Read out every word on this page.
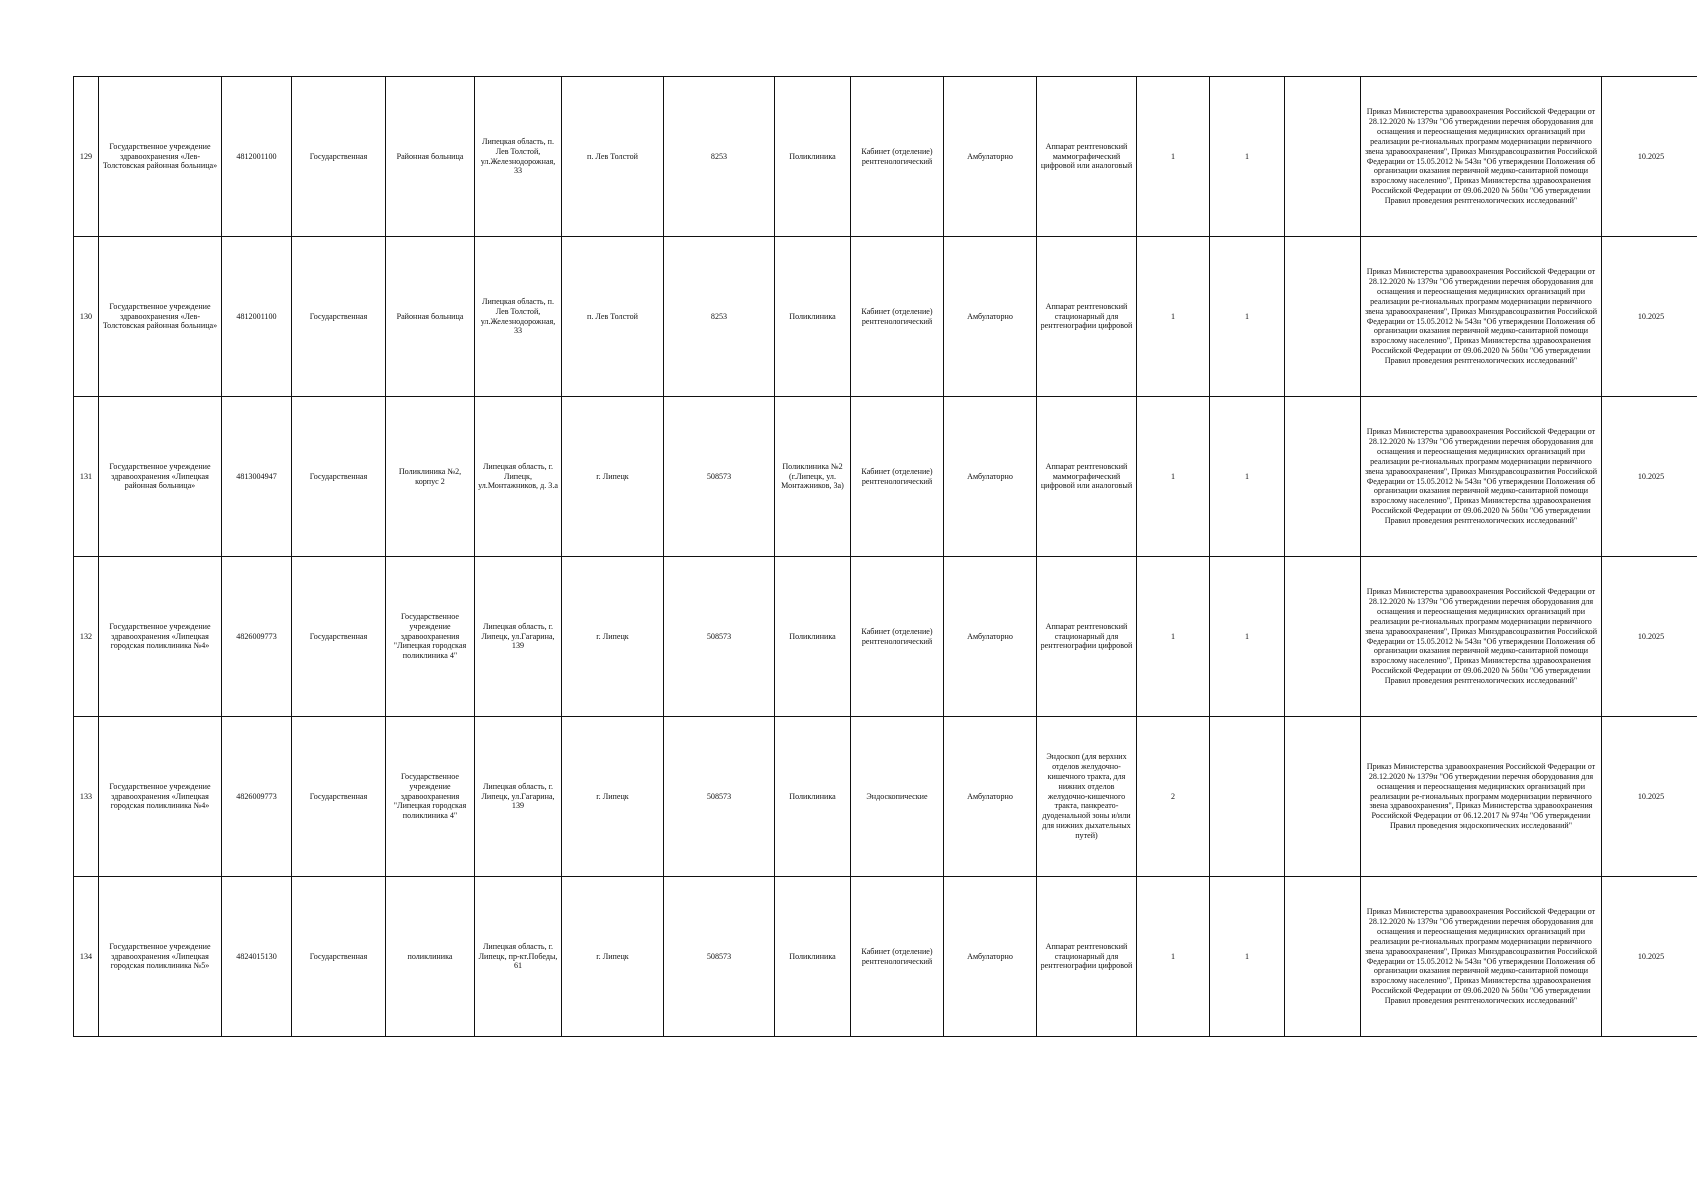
129	Государственное учреждение здравоохранения «Лев-Толстовская районная больница»	4812001100	Государственная	Районная больница	Липецкая область, п. Лев Толстой, ул.Железнодорожная, 33	п. Лев Толстой	8253	Поликлиника	Кабинет (отделение) рентгенологический	Амбулаторно	Аппарат рентгеновский маммографический цифровой или аналоговый	1	1		Приказ Министерства здравоохранения Российской Федерации от 28.12.2020 № 1379н "Об утверждении перечня оборудования для оснащения и переоснащения медицинских организаций при реализации ре-гиональных программ модернизации первичного звена здравоохранения", Приказ Минздравсоцразвития Российской Федерации от 15.05.2012 № 543н "Об утверждении Положения об организации оказания первичной медико-санитарной помощи взрослому населению", Приказ Министерства здравоохранения Российской Федерации от 09.06.2020 № 560н "Об утверждении Правил проведения рентгенологических исследований"	10.2025
130	Государственное учреждение здравоохранения «Лев-Толстовская районная больница»	4812001100	Государственная	Районная больница	Липецкая область, п. Лев Толстой, ул.Железнодорожная, 33	п. Лев Толстой	8253	Поликлиника	Кабинет (отделение) рентгенологический	Амбулаторно	Аппарат рентгеновский стационарный для рентгенографии цифровой	1	1		Приказ Министерства здравоохранения Российской Федерации от 28.12.2020 № 1379н "Об утверждении перечня оборудования для оснащения и переоснащения медицинских организаций при реализации ре-гиональных программ модернизации первичного звена здравоохранения", Приказ Минздравсоцразвития Российской Федерации от 15.05.2012 № 543н "Об утверждении Положения об организации оказания первичной медико-санитарной помощи взрослому населению", Приказ Министерства здравоохранения Российской Федерации от 09.06.2020 № 560н "Об утверждении Правил проведения рентгенологических исследований"	10.2025
131	Государственное учреждение здравоохранения «Липецкая районная больница»	4813004947	Государственная	Поликлиника №2, корпус 2	Липецкая область, г. Липецк, ул.Монтажников, д. 3.а	г. Липецк	508573	Поликлиника №2 (г.Липецк, ул. Монтажников, 3а)	Кабинет (отделение) рентгенологический	Амбулаторно	Аппарат рентгеновский маммографический цифровой или аналоговый	1	1		Приказ Министерства здравоохранения Российской Федерации от 28.12.2020 № 1379н "Об утверждении перечня оборудования для оснащения и переоснащения медицинских организаций при реализации ре-гиональных программ модернизации первичного звена здравоохранения", Приказ Минздравсоцразвития Российской Федерации от 15.05.2012 № 543н "Об утверждении Положения об организации оказания первичной медико-санитарной помощи взрослому населению", Приказ Министерства здравоохранения Российской Федерации от 09.06.2020 № 560н "Об утверждении Правил проведения рентгенологических исследований"	10.2025
132	Государственное учреждение здравоохранения «Липецкая городская поликлиника №4»	4826009773	Государственная	Государственное учреждение здравоохранения "Липецкая городская поликлиника 4"	Липецкая область, г. Липецк, ул.Гагарина, 139	г. Липецк	508573	Поликлиника	Кабинет (отделение) рентгенологический	Амбулаторно	Аппарат рентгеновский стационарный для рентгенографии цифровой	1	1		Приказ Министерства здравоохранения Российской Федерации от 28.12.2020 № 1379н "Об утверждении перечня оборудования для оснащения и переоснащения медицинских организаций при реализации ре-гиональных программ модернизации первичного звена здравоохранения", Приказ Минздравсоцразвития Российской Федерации от 15.05.2012 № 543н "Об утверждении Положения об организации оказания первичной медико-санитарной помощи взрослому населению", Приказ Министерства здравоохранения Российской Федерации от 09.06.2020 № 560н "Об утверждении Правил проведения рентгенологических исследований"	10.2025
133	Государственное учреждение здравоохранения «Липецкая городская поликлиника №4»	4826009773	Государственная	Государственное учреждение здравоохранения "Липецкая городская поликлиника 4"	Липецкая область, г. Липецк, ул.Гагарина, 139	г. Липецк	508573	Поликлиника	Эндоскопические	Амбулаторно	Эндоскоп (для верхних отделов желудочно-кишечного тракта, для нижних отделов желудочно-кишечного тракта, панкреато-дуоденальной зоны и/или для нижних дыхательных путей)	2			Приказ Министерства здравоохранения Российской Федерации от 28.12.2020 № 1379н "Об утверждении перечня оборудования для оснащения и переоснащения медицинских организаций при реализации ре-гиональных программ модернизации первичного звена здравоохранения", Приказ Министерства здравоохранения Российской Федерации от 06.12.2017 № 974н "Об утверждении Правил проведения эндоскопических исследований"	10.2025
134	Государственное учреждение здравоохранения «Липецкая городская поликлиника №5»	4824015130	Государственная	поликлиника	Липецкая область, г. Липецк, пр-кт.Победы, 61	г. Липецк	508573	Поликлиника	Кабинет (отделение) рентгенологический	Амбулаторно	Аппарат рентгеновский стационарный для рентгенографии цифровой	1	1		Приказ Министерства здравоохранения Российской Федерации от 28.12.2020 № 1379н "Об утверждении перечня оборудования для оснащения и переоснащения медицинских организаций при реализации ре-гиональных программ модернизации первичного звена здравоохранения", Приказ Минздравсоцразвития Российской Федерации от 15.05.2012 № 543н "Об утверждении Положения об организации оказания первичной медико-санитарной помощи взрослому населению", Приказ Министерства здравоохранения Российской Федерации от 09.06.2020 № 560н "Об утверждении Правил проведения рентгенологических исследований"	10.2025
